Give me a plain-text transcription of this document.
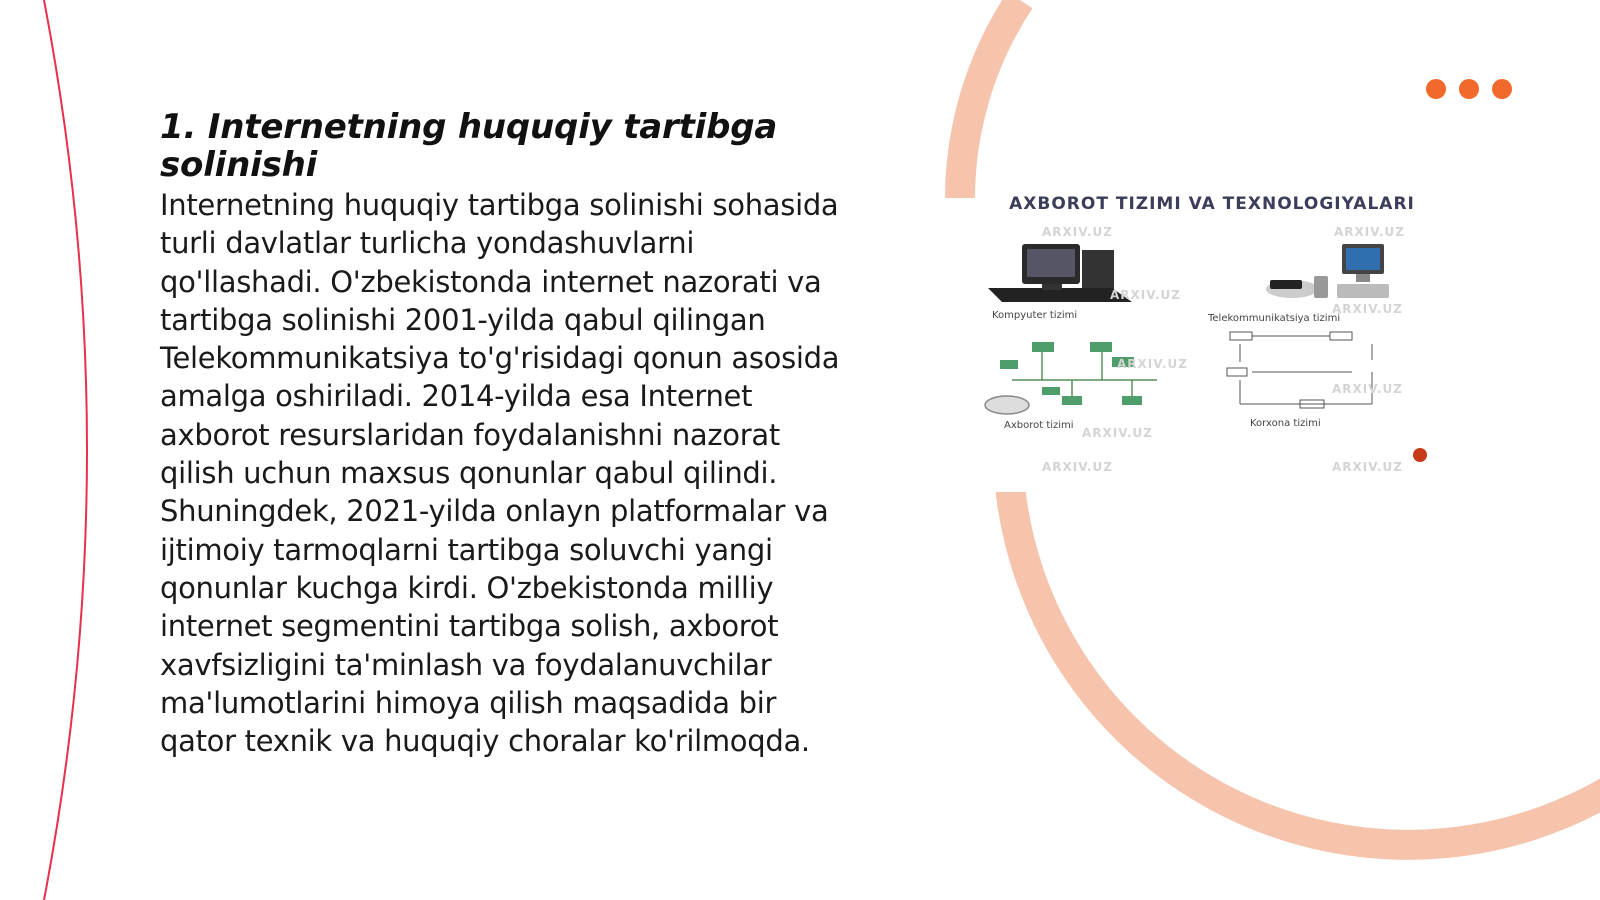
1. Internetning huquqiy tartibga solinishi

Internetning huquqiy tartibga solinishi sohasida turli davlatlar turlicha yondashuvlarni qo'llashadi. O'zbekistonda internet nazorati va tartibga solinishi 2001-yilda qabul qilingan Telekommunikatsiya to'g'risidagi qonun asosida amalga oshiriladi. 2014-yilda esa Internet axborot resurslaridan foydalanishni nazorat qilish uchun maxsus qonunlar qabul qilindi. Shuningdek, 2021-yilda onlayn platformalar va ijtimoiy tarmoqlarni tartibga soluvchi yangi qonunlar kuchga kirdi. O'zbekistonda milliy internet segmentini tartibga solish, axborot xavfsizligini ta'minlash va foydalanuvchilar ma'lumotlarini himoya qilish maqsadida bir qator texnik va huquqiy choralar ko'rilmoqda.

AXBOROT TIZIMI VA TEXNOLOGIYALARI
Kompyuter tizimi	Telekommunikatsiya tizimi
Axborot tizimi	Korxona tizimi
ARXIV.UZ	ARXIV.UZ
ARXIV.UZ
ARXIV.UZ
ARXIV.UZ
ARXIV.UZ
ARXIV.UZ
ARXIV.UZ	ARXIV.UZ
